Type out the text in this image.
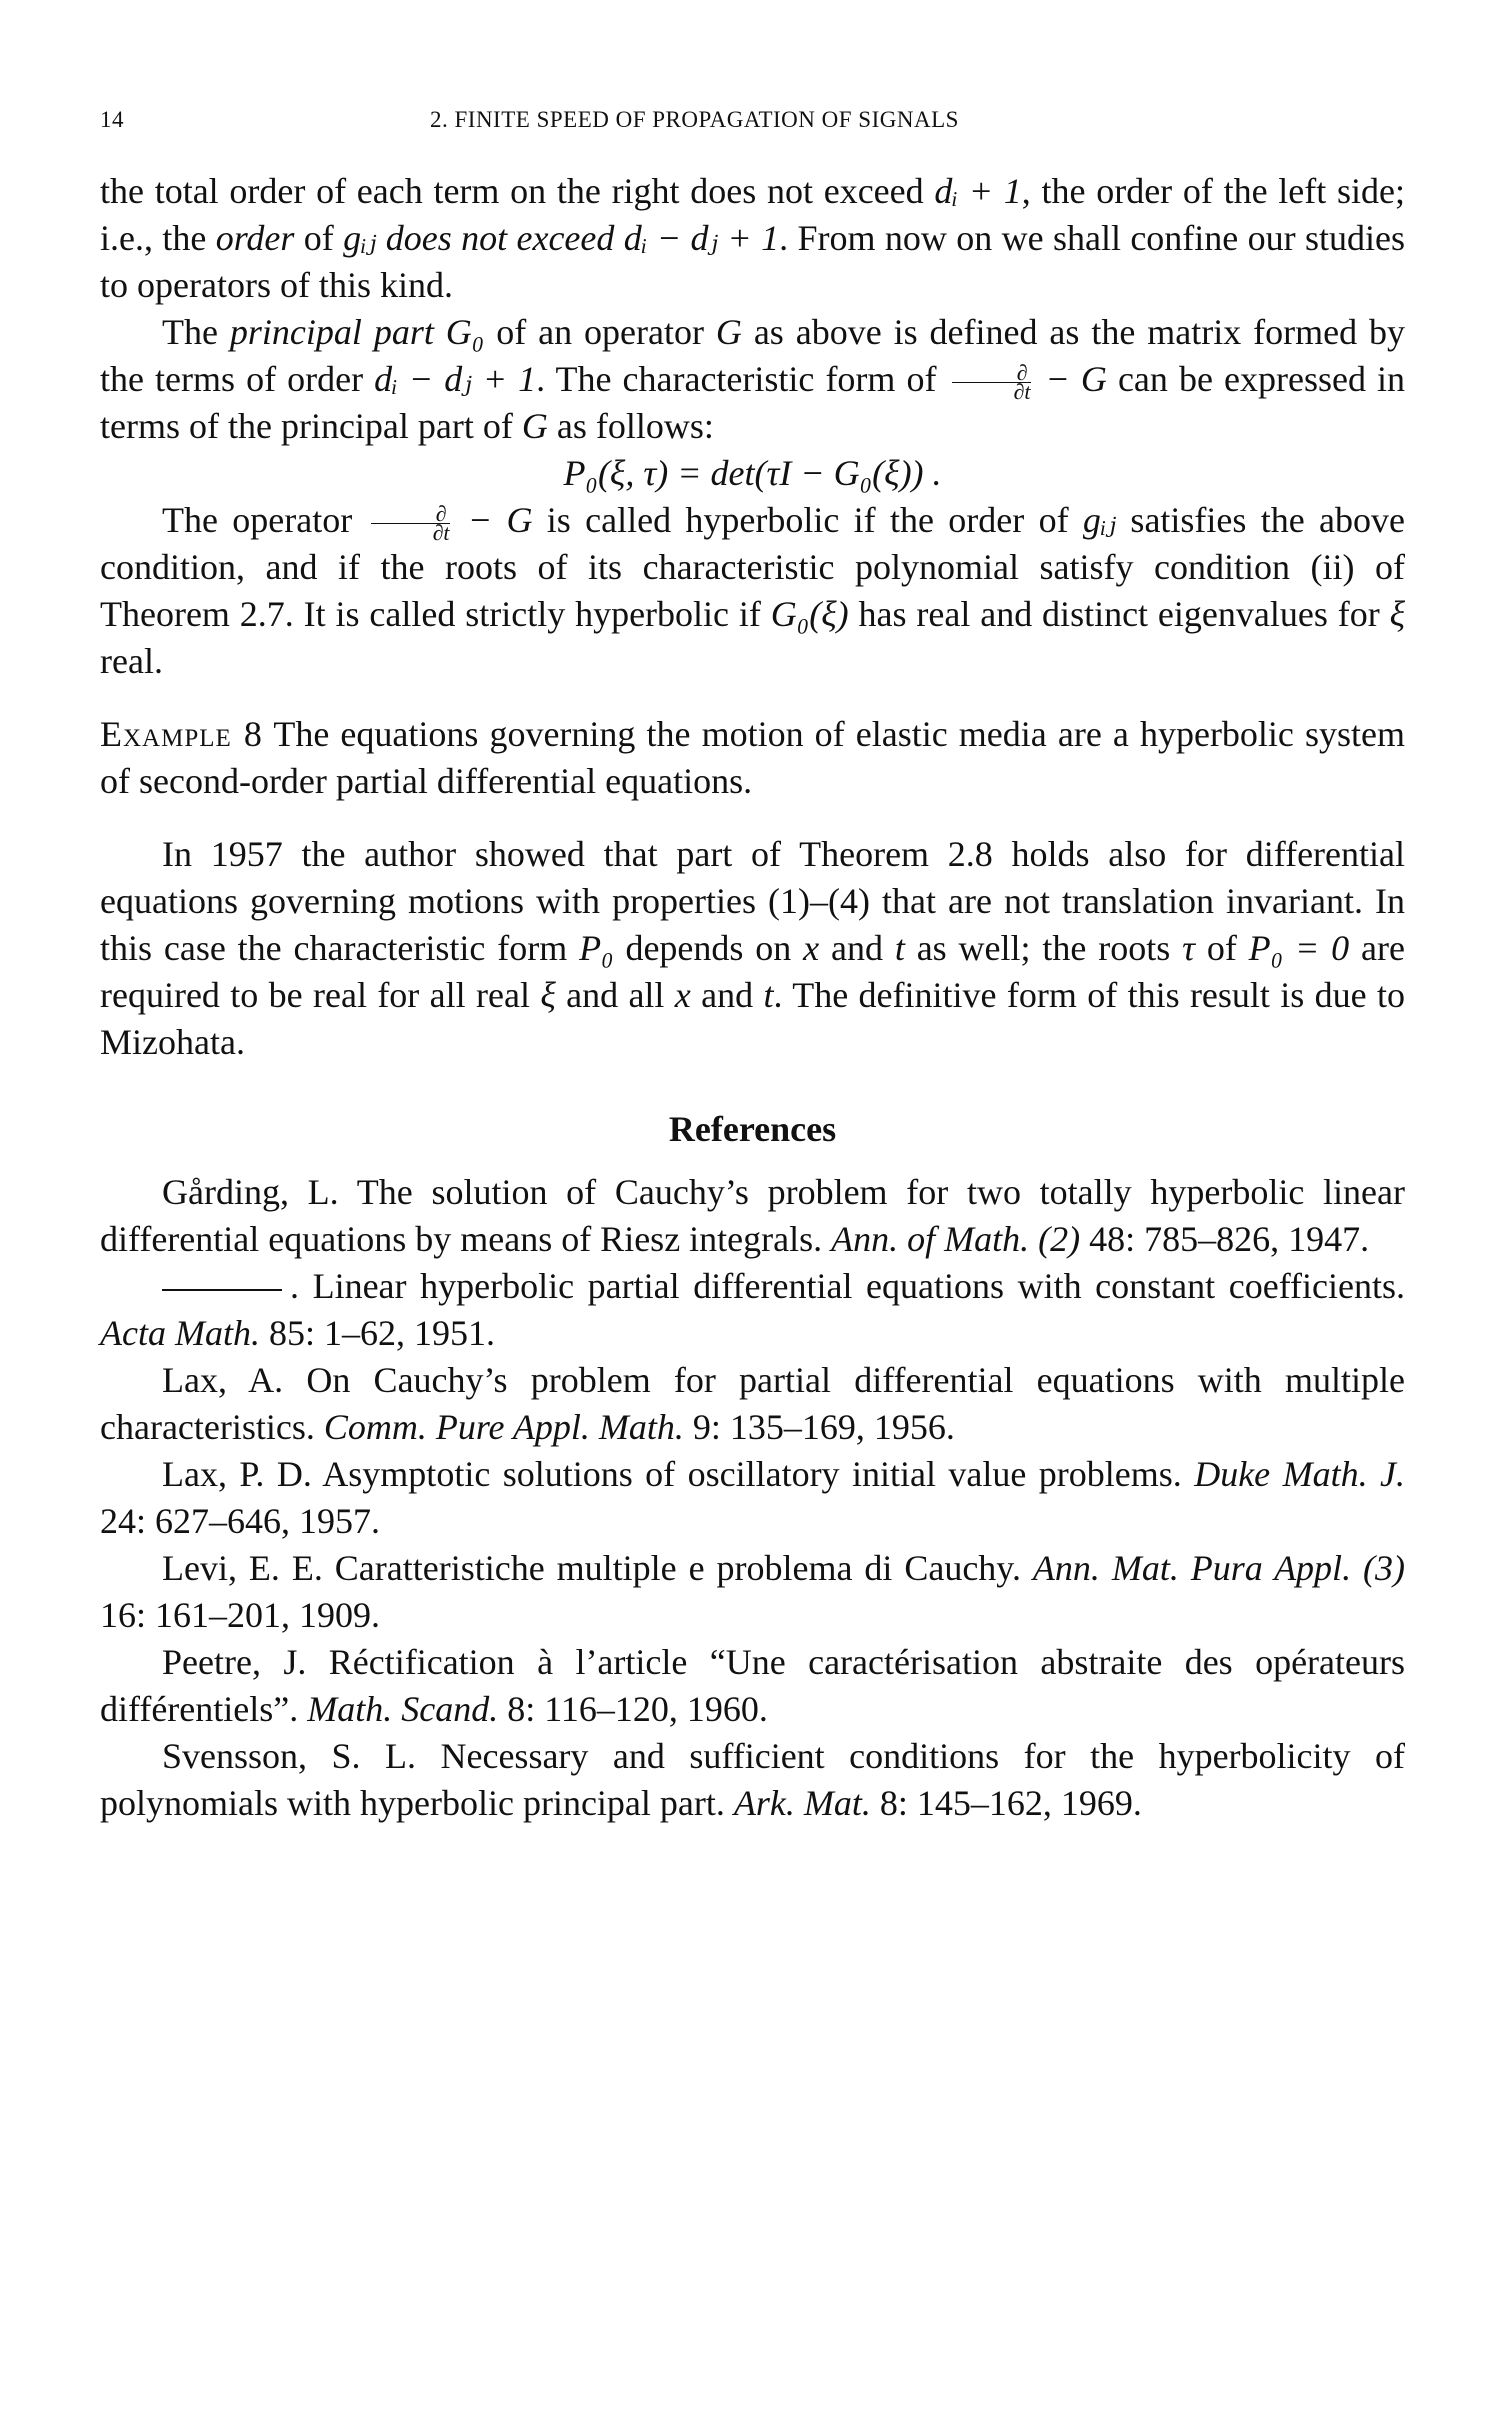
14	2. FINITE SPEED OF PROPAGATION OF SIGNALS

the total order of each term on the right does not exceed dᵢ + 1, the order of the left side; i.e., the order of gᵢⱼ does not exceed dᵢ − dⱼ + 1. From now on we shall confine our studies to operators of this kind.

The principal part G₀ of an operator G as above is defined as the matrix formed by the terms of order dᵢ − dⱼ + 1. The characteristic form of $\frac{\partial}{\partial t} - G$ can be expressed in terms of the principal part of G as follows:

P₀(ξ, τ) = det(τI − G₀(ξ)) .

The operator $\frac{\partial}{\partial t} - G$ is called hyperbolic if the order of gᵢⱼ satisfies the above condition, and if the roots of its characteristic polynomial satisfy condition (ii) of Theorem 2.7. It is called strictly hyperbolic if G₀(ξ) has real and distinct eigenvalues for ξ real.

Example 8 The equations governing the motion of elastic media are a hyperbolic system of second-order partial differential equations.

In 1957 the author showed that part of Theorem 2.8 holds also for differential equations governing motions with properties (1)–(4) that are not translation invariant. In this case the characteristic form P₀ depends on x and t as well; the roots τ of P₀ = 0 are required to be real for all real ξ and all x and t. The definitive form of this result is due to Mizohata.

References

Gårding, L. The solution of Cauchy’s problem for two totally hyperbolic linear differential equations by means of Riesz integrals. Ann. of Math. (2) 48: 785–826, 1947.

. Linear hyperbolic partial differential equations with constant coefficients. Acta Math. 85: 1–62, 1951.

Lax, A. On Cauchy’s problem for partial differential equations with multiple characteristics. Comm. Pure Appl. Math. 9: 135–169, 1956.

Lax, P. D. Asymptotic solutions of oscillatory initial value problems. Duke Math. J. 24: 627–646, 1957.

Levi, E. E. Caratteristiche multiple e problema di Cauchy. Ann. Mat. Pura Appl. (3) 16: 161–201, 1909.

Peetre, J. Réctification à l’article “Une caractérisation abstraite des opérateurs différentiels”. Math. Scand. 8: 116–120, 1960.

Svensson, S. L. Necessary and sufficient conditions for the hyperbolicity of polynomials with hyperbolic principal part. Ark. Mat. 8: 145–162, 1969.
